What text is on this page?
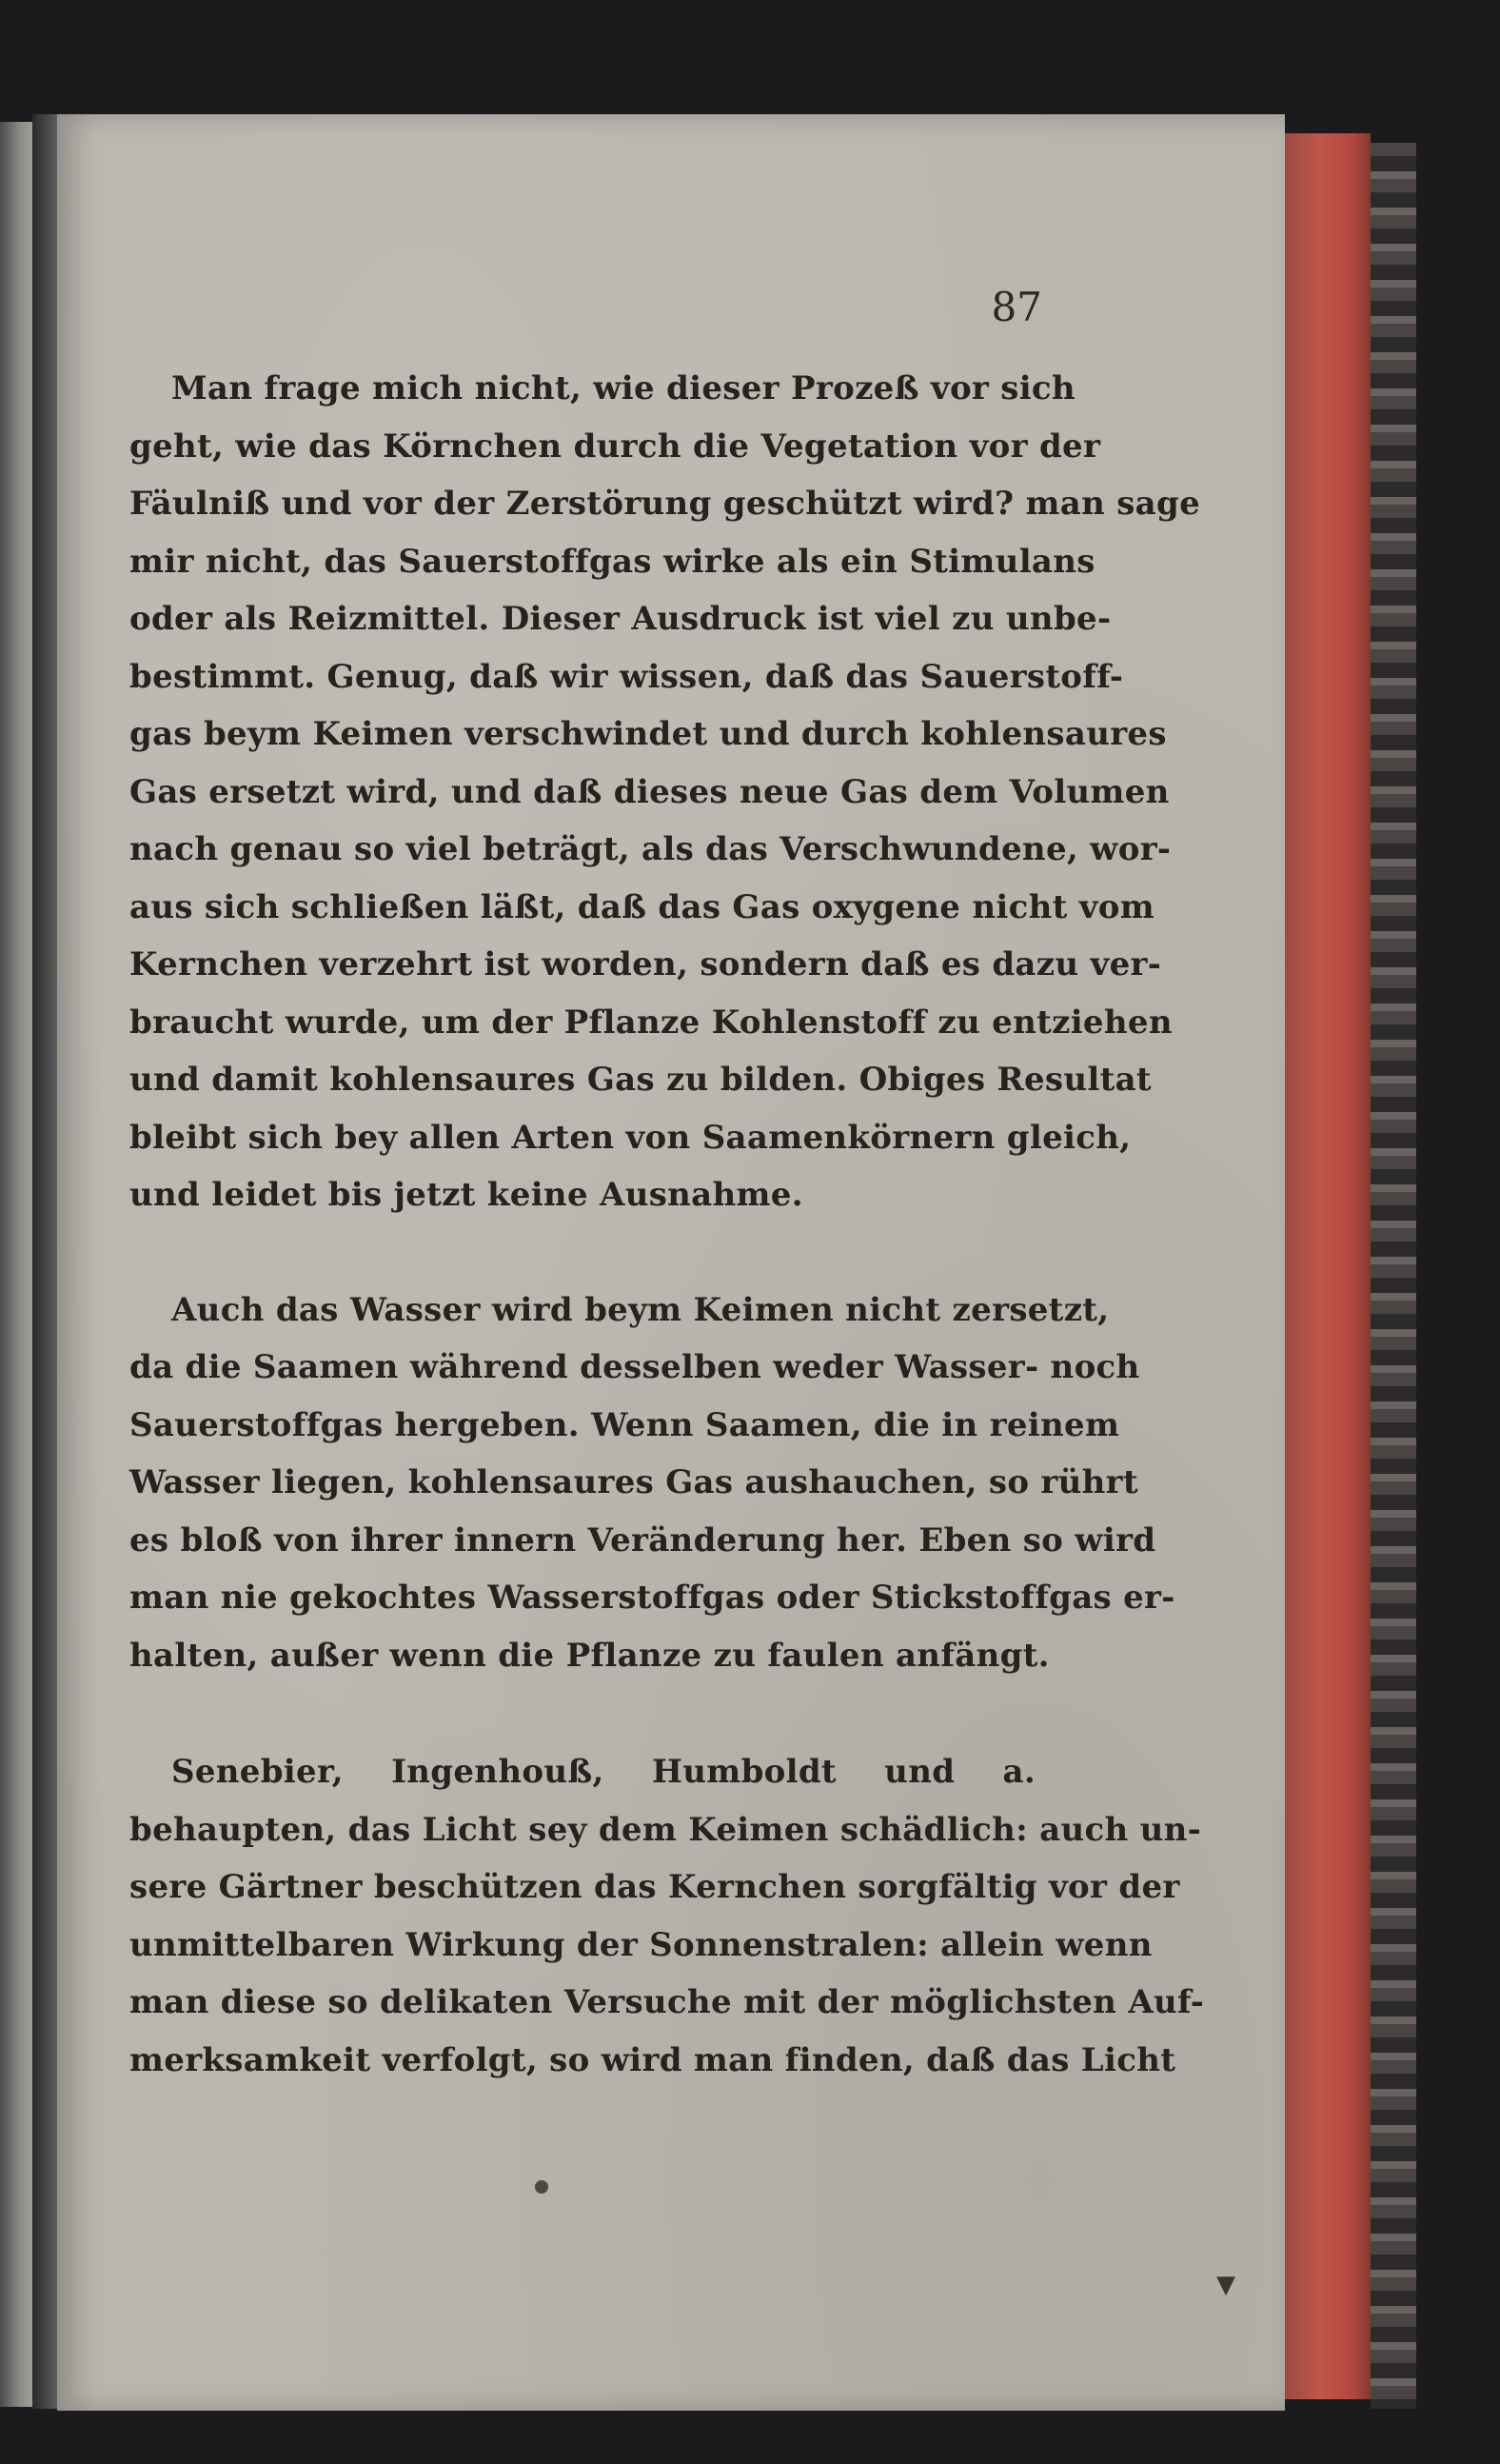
87
Man frage mich nicht, wie dieser Prozeß vor sich
geht, wie das Körnchen durch die Vegetation vor der
Fäulniß und vor der Zerstörung geschützt wird? man sage
mir nicht, das Sauerstoffgas wirke als ein Stimulans
oder als Reizmittel. Dieser Ausdruck ist viel zu unbe-
bestimmt. Genug, daß wir wissen, daß das Sauerstoff-
gas beym Keimen verschwindet und durch kohlensaures
Gas ersetzt wird, und daß dieses neue Gas dem Volumen
nach genau so viel beträgt, als das Verschwundene, wor-
aus sich schließen läßt, daß das Gas oxygene nicht vom
Kernchen verzehrt ist worden, sondern daß es dazu ver-
braucht wurde, um der Pflanze Kohlenstoff zu entziehen
und damit kohlensaures Gas zu bilden. Obiges Resultat
bleibt sich bey allen Arten von Saamenkörnern gleich,
und leidet bis jetzt keine Ausnahme.
Auch das Wasser wird beym Keimen nicht zersetzt,
da die Saamen während desselben weder Wasser- noch
Sauerstoffgas hergeben. Wenn Saamen, die in reinem
Wasser liegen, kohlensaures Gas aushauchen, so rührt
es bloß von ihrer innern Veränderung her. Eben so wird
man nie gekochtes Wasserstoffgas oder Stickstoffgas er-
halten, außer wenn die Pflanze zu faulen anfängt.
Senebier, Ingenhouß, Humboldt und a.
behaupten, das Licht sey dem Keimen schädlich: auch un-
sere Gärtner beschützen das Kernchen sorgfältig vor der
unmittelbaren Wirkung der Sonnenstralen: allein wenn
man diese so delikaten Versuche mit der möglichsten Auf-
merksamkeit verfolgt, so wird man finden, daß das Licht
▼
